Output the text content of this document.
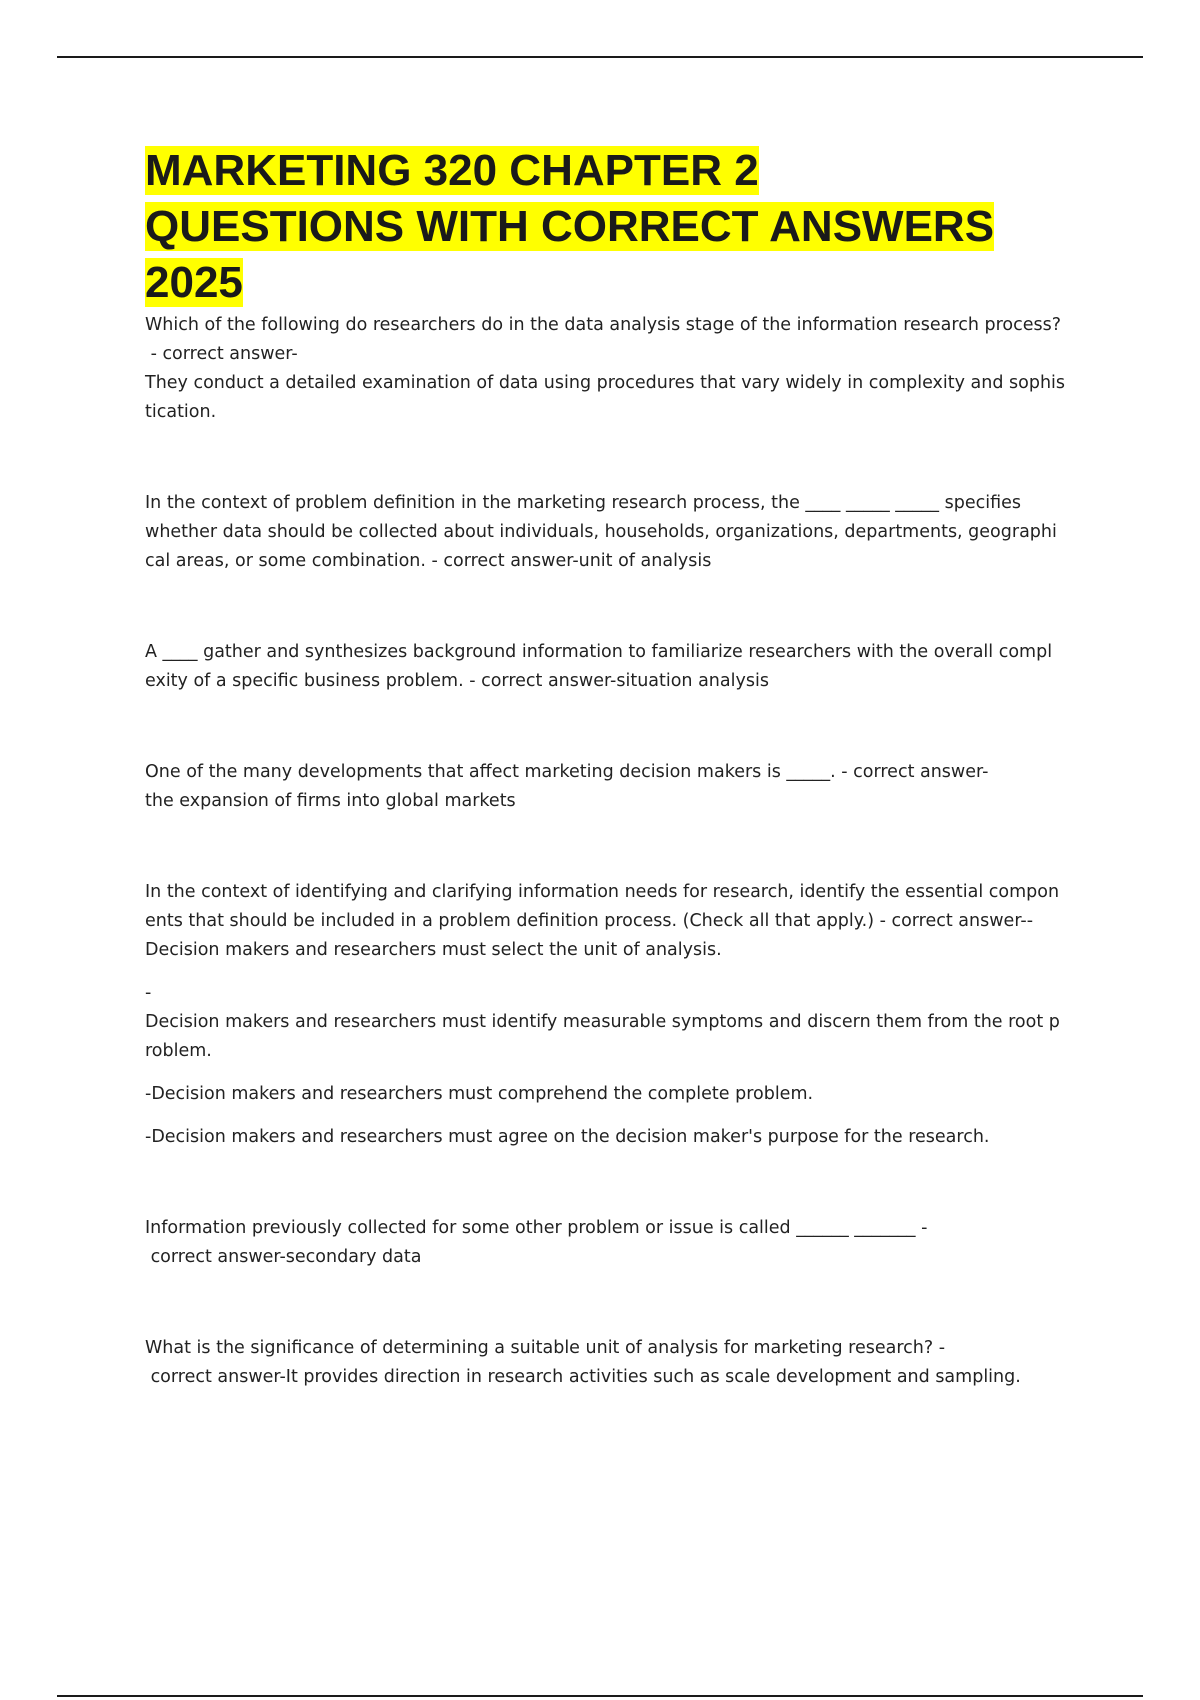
MARKETING 320 CHAPTER 2
QUESTIONS WITH CORRECT ANSWERS
2025
Which of the following do researchers do in the data analysis stage of the information research process?
- correct answer-
They conduct a detailed examination of data using procedures that vary widely in complexity and sophis
tication.
In the context of problem definition in the marketing research process, the ____ _____ _____ specifies
whether data should be collected about individuals, households, organizations, departments, geographi
cal areas, or some combination. - correct answer-unit of analysis
A ____ gather and synthesizes background information to familiarize researchers with the overall compl
exity of a specific business problem. - correct answer-situation analysis
One of the many developments that affect marketing decision makers is _____. - correct answer-
the expansion of firms into global markets
In the context of identifying and clarifying information needs for research, identify the essential compon
ents that should be included in a problem definition process. (Check all that apply.) - correct answer--
Decision makers and researchers must select the unit of analysis.
-
Decision makers and researchers must identify measurable symptoms and discern them from the root p
roblem.
-Decision makers and researchers must comprehend the complete problem.
-Decision makers and researchers must agree on the decision maker's purpose for the research.
Information previously collected for some other problem or issue is called ______ _______ -
correct answer-secondary data
What is the significance of determining a suitable unit of analysis for marketing research? -
correct answer-It provides direction in research activities such as scale development and sampling.
